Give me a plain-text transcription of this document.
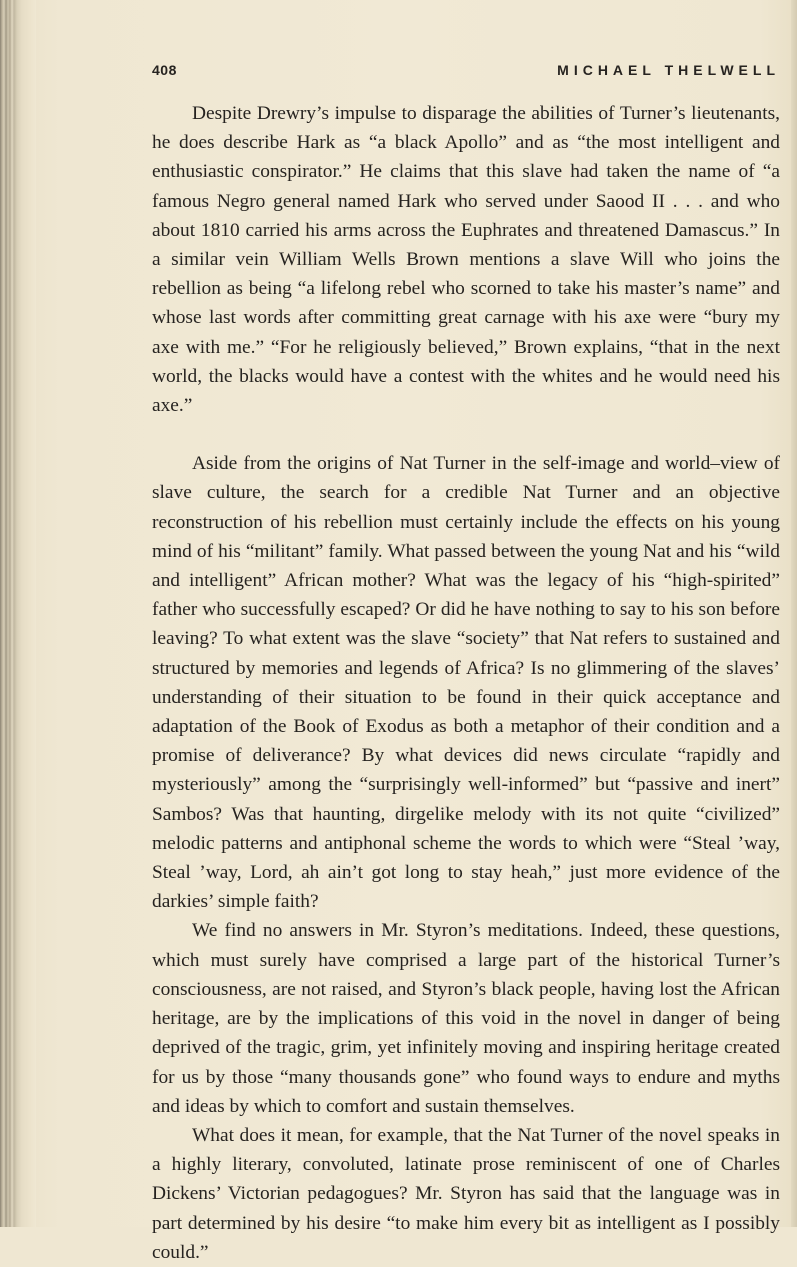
408	MICHAEL THELWELL

Despite Drewry’s impulse to disparage the abilities of Turner’s lieutenants, he does describe Hark as “a black Apollo” and as “the most intelligent and enthusiastic conspirator.” He claims that this slave had taken the name of “a famous Negro general named Hark who served under Saood II . . . and who about 1810 carried his arms across the Euphrates and threatened Damascus.” In a similar vein William Wells Brown mentions a slave Will who joins the rebellion as being “a lifelong rebel who scorned to take his master’s name” and whose last words after committing great carnage with his axe were “bury my axe with me.” “For he religiously believed,” Brown explains, “that in the next world, the blacks would have a contest with the whites and he would need his axe.”

Aside from the origins of Nat Turner in the self-image and world–view of slave culture, the search for a credible Nat Turner and an objective reconstruction of his rebellion must certainly include the effects on his young mind of his “militant” family. What passed between the young Nat and his “wild and intelligent” African mother? What was the legacy of his “high-spirited” father who successfully escaped? Or did he have nothing to say to his son before leaving? To what extent was the slave “society” that Nat refers to sustained and structured by memories and legends of Africa? Is no glimmering of the slaves’ understanding of their situation to be found in their quick acceptance and adaptation of the Book of Exodus as both a metaphor of their condition and a promise of deliverance? By what devices did news circulate “rapidly and mysteriously” among the “surprisingly well-informed” but “passive and inert” Sambos? Was that haunting, dirgelike melody with its not quite “civilized” melodic patterns and antiphonal scheme the words to which were “Steal ’way, Steal ’way, Lord, ah ain’t got long to stay heah,” just more evidence of the darkies’ simple faith?

We find no answers in Mr. Styron’s meditations. Indeed, these questions, which must surely have comprised a large part of the historical Turner’s consciousness, are not raised, and Styron’s black people, having lost the African heritage, are by the implications of this void in the novel in danger of being deprived of the tragic, grim, yet infinitely moving and inspiring heritage created for us by those “many thousands gone” who found ways to endure and myths and ideas by which to comfort and sustain themselves.

What does it mean, for example, that the Nat Turner of the novel speaks in a highly literary, convoluted, latinate prose reminiscent of one of Charles Dickens’ Victorian pedagogues? Mr. Styron has said that the language was in part determined by his desire “to make him every bit as intelligent as I possibly could.”
